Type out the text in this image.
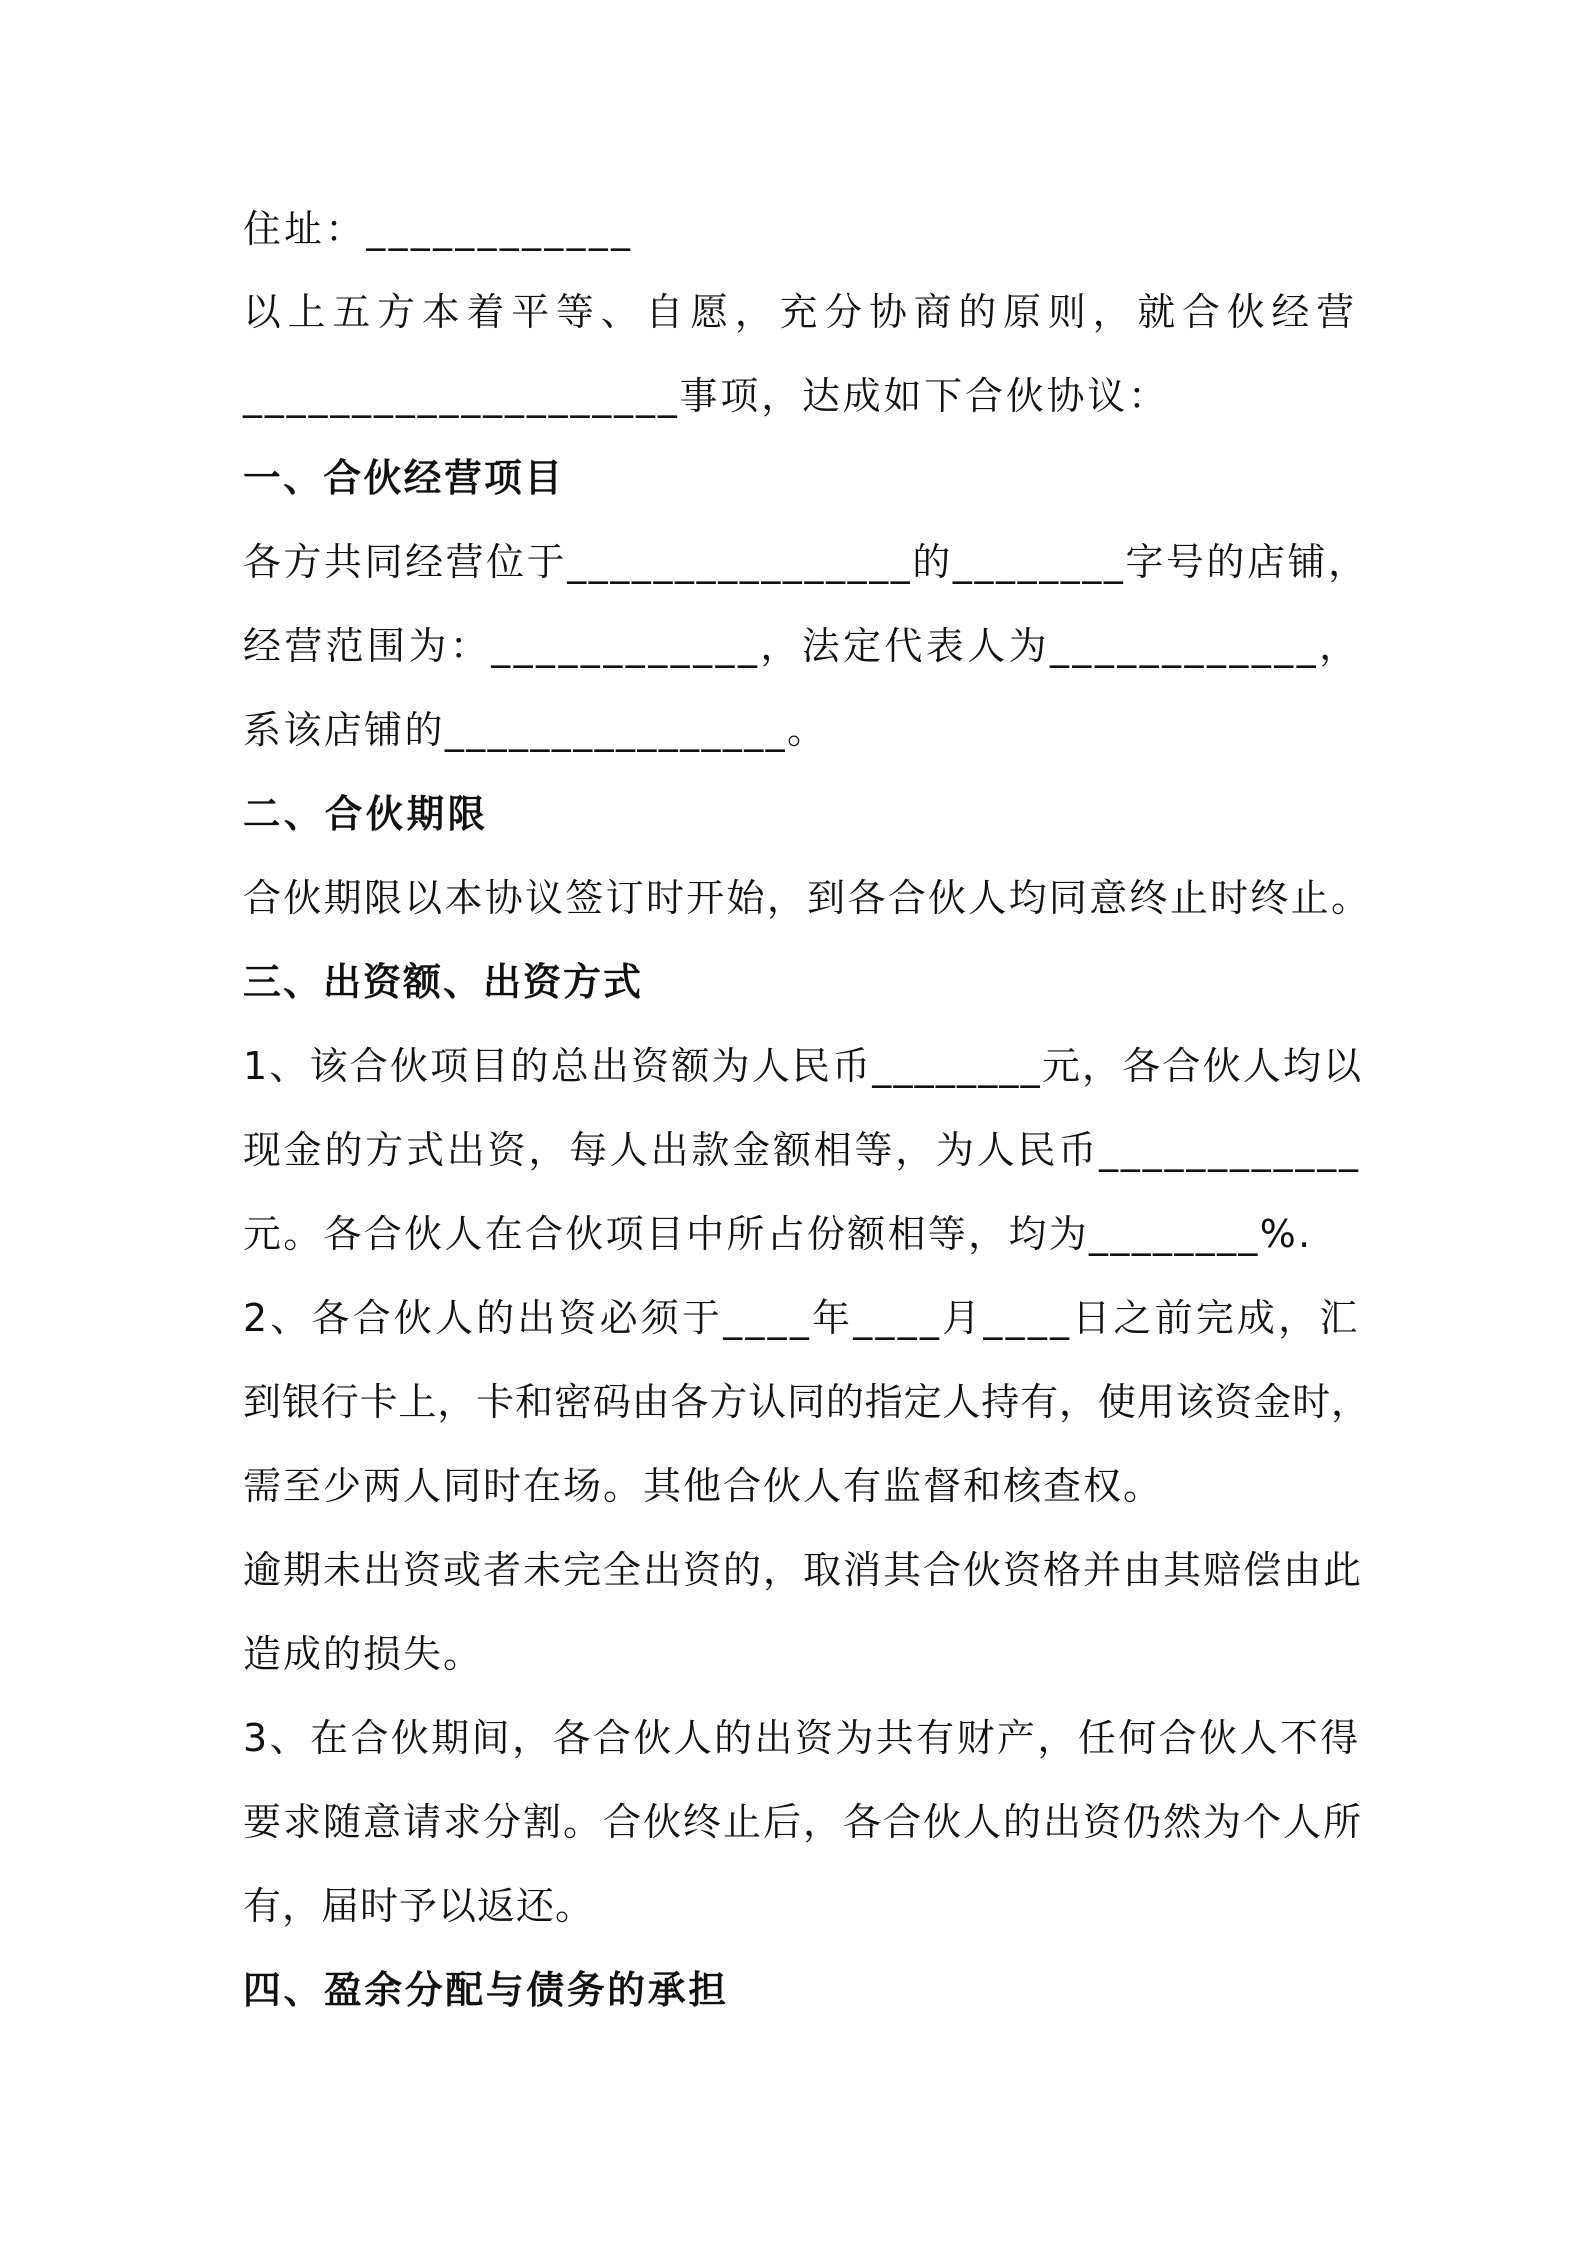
住址：____________
以上五方本着平等、自愿，充分协商的原则，就合伙经营
____________________事项，达成如下合伙协议：
一、合伙经营项目
各方共同经营位于________________的________字号的店铺，
经营范围为：____________，法定代表人为____________，
系该店铺的________________。
二、合伙期限
合伙期限以本协议签订时开始，到各合伙人均同意终止时终止。
三、出资额、出资方式
1、该合伙项目的总出资额为人民币________元，各合伙人均以
现金的方式出资，每人出款金额相等，为人民币____________
元。各合伙人在合伙项目中所占份额相等，均为________%.
2、各合伙人的出资必须于____年____月____日之前完成，汇
到银行卡上，卡和密码由各方认同的指定人持有，使用该资金时，
需至少两人同时在场。其他合伙人有监督和核查权。
逾期未出资或者未完全出资的，取消其合伙资格并由其赔偿由此
造成的损失。
3、在合伙期间，各合伙人的出资为共有财产，任何合伙人不得
要求随意请求分割。合伙终止后，各合伙人的出资仍然为个人所
有，届时予以返还。
四、盈余分配与债务的承担
